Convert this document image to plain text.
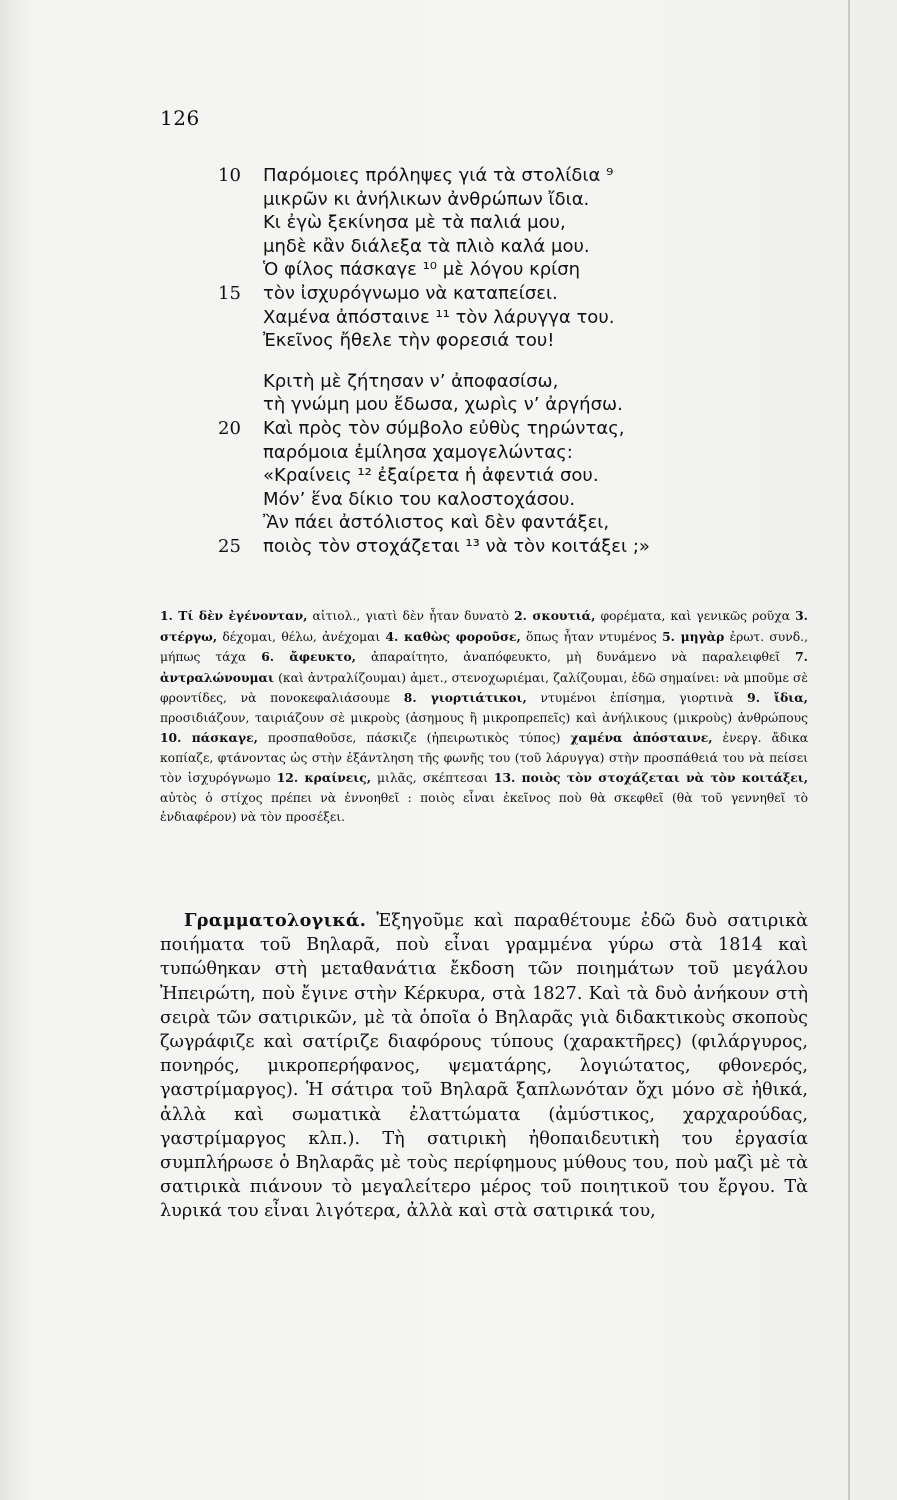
126
10	Παρόμοιες πρόληψες γιά τὰ στολίδια ⁹
μικρῶν κι ἀνήλικων ἀνθρώπων ἴδια.
Κι ἐγὼ ξεκίνησα μὲ τὰ παλιά μου,
μηδὲ κἂν διάλεξα τὰ πλιὸ καλά μου.
Ὁ φίλος πάσκαγε ¹⁰ μὲ λόγου κρίση
15	τὸν ἰσχυρόγνωμο νὰ καταπείσει.
Χαμένα ἀπόσταινε ¹¹ τὸν λάρυγγα του.
Ἐκεῖνος ἤθελε τὴν φορεσιά του!
Κριτὴ μὲ ζήτησαν ν’ ἀποφασίσω,
τὴ γνώμη μου ἔδωσα, χωρὶς ν’ ἀργήσω.
20	Καὶ πρὸς τὸν σύμβολο εὐθὺς τηρώντας,
παρόμοια ἐμίλησα χαμογελώντας:
«Κραίνεις ¹² ἐξαίρετα ἡ ἀφεντιά σου.
Μόν’ ἕνα δίκιο του καλοστοχάσου.
Ἂν πάει ἀστόλιστος καὶ δὲν φαντάξει,
25	ποιὸς τὸν στοχάζεται ¹³ νὰ τὸν κοιτάξει ;»
1. Τί δὲν ἐγένονταν, αἰτιολ., γιατὶ δὲν ἦταν δυνατὸ 2. σκουτιά, φορέματα, καὶ γενικῶς ροῦχα 3. στέργω, δέχομαι, θέλω, ἀνέχομαι 4. καθὼς φοροῦσε, ὅπως ἦταν ντυμένος 5. μηγὰρ ἐρωτ. συνδ., μήπως τάχα 6. ἄφευκτο, ἀπαραίτητο, ἀναπόφευκτο, μὴ δυνάμενο νὰ παραλειφθεῖ 7. ἀντραλώνουμαι (καὶ ἀντραλίζουμαι) ἀμετ., στενοχωριέμαι, ζαλίζουμαι, ἐδῶ σημαίνει: νὰ μποῦμε σὲ φροντίδες, νὰ πονοκεφαλιάσουμε 8. γιορτιάτικοι, ντυμένοι ἐπίσημα, γιορτινὰ 9. ἴδια, προσιδιάζουν, ταιριάζουν σὲ μικροὺς (ἀσημους ἢ μικροπρεπεῖς) καὶ ἀνήλικους (μικροὺς) ἀνθρώπους 10. πάσκαγε, προσπαθοῦσε, πάσκιζε (ἠπειρωτικὸς τύπος) χαμένα ἀπόσταινε, ἐνεργ. ἄδικα κοπίαζε, φτάνοντας ὡς στὴν ἐξάντληση τῆς φωνῆς του (τοῦ λάρυγγα) στὴν προσπάθειά του νὰ πείσει τὸν ἰσχυρόγνωμο 12. κραίνεις, μιλᾶς, σκέπτεσαι 13. ποιὸς τὸν στοχάζεται νὰ τὸν κοιτάξει, αὐτὸς ὁ στίχος πρέπει νὰ ἐννοηθεῖ : ποιὸς εἶναι ἐκεῖνος ποὺ θὰ σκεφθεῖ (θὰ τοῦ γεννηθεῖ τὸ ἐνδιαφέρον) νὰ τὸν προσέξει.
Γραμματολογικά. Ἐξηγοῦμε καὶ παραθέτουμε ἐδῶ δυὸ σατιρικὰ ποιήματα τοῦ Βηλαρᾶ, ποὺ εἶναι γραμμένα γύρω στὰ 1814 καὶ τυπώθηκαν στὴ μεταθανάτια ἔκδοση τῶν ποιημάτων τοῦ μεγάλου Ἠπειρώτη, ποὺ ἔγινε στὴν Κέρκυρα, στὰ 1827. Καὶ τὰ δυὸ ἀνήκουν στὴ σειρὰ τῶν σατιρικῶν, μὲ τὰ ὁποῖα ὁ Βηλαρᾶς γιὰ διδακτικοὺς σκοποὺς ζωγράφιζε καὶ σατίριζε διαφόρους τύπους (χαρακτῆρες) (φιλάργυρος, πονηρός, μικροπερήφανος, ψεματάρης, λογιώτατος, φθονερός, γαστρίμαργος). Ἡ σάτιρα τοῦ Βηλαρᾶ ξαπλωνόταν ὄχι μόνο σὲ ἠθικά, ἀλλὰ καὶ σωματικὰ ἐλαττώματα (ἀμύστικος, χαρχαρούδας, γαστρίμαργος κλπ.). Τὴ σατιρικὴ ἠθοπαιδευτικὴ του ἐργασία συμπλήρωσε ὁ Βηλαρᾶς μὲ τοὺς περίφημους μύθους του, ποὺ μαζὶ μὲ τὰ σατιρικὰ πιάνουν τὸ μεγαλείτερο μέρος τοῦ ποιητικοῦ του ἔργου. Τὰ λυρικά του εἶναι λιγότερα, ἀλλὰ καὶ στὰ σατιρικά του,
